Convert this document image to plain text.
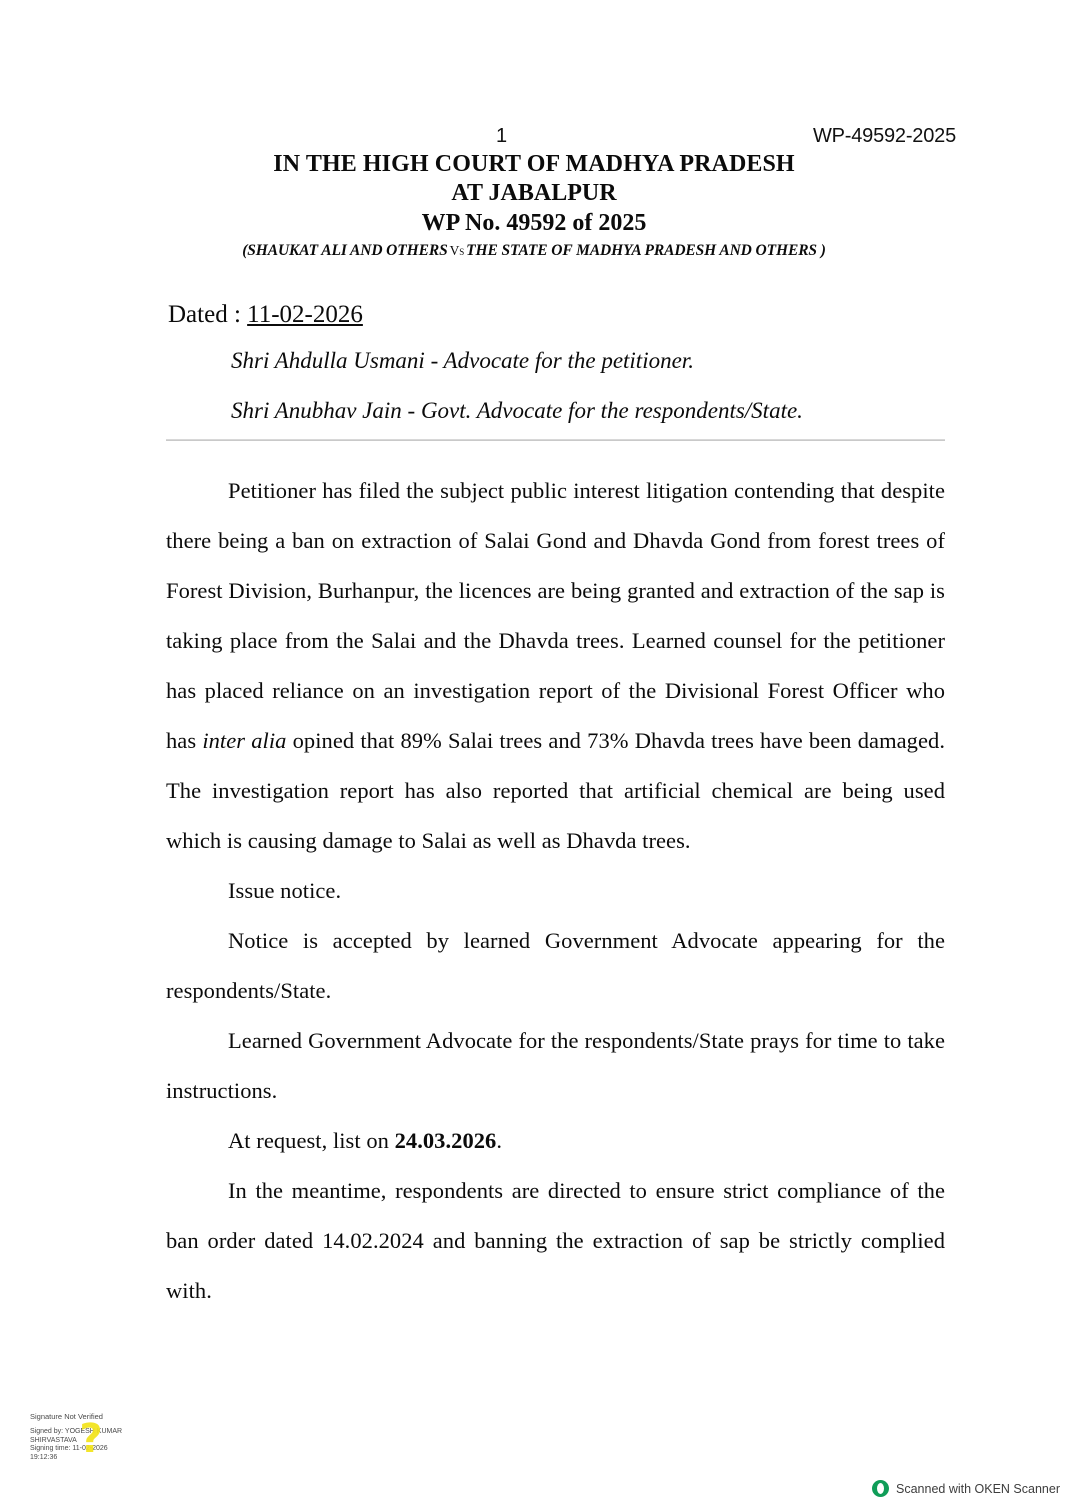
1	WP-49592-2025
IN THE HIGH COURT OF MADHYA PRADESH
AT JABALPUR
WP No. 49592 of 2025
(SHAUKAT ALI AND OTHERS Vs THE STATE OF MADHYA PRADESH AND OTHERS )
Dated : 11-02-2026
Shri Ahdulla Usmani - Advocate for the petitioner.
Shri Anubhav Jain - Govt. Advocate for the respondents/State.

Petitioner has filed the subject public interest litigation contending that despite there being a ban on extraction of Salai Gond and Dhavda Gond from forest trees of Forest Division, Burhanpur, the licences are being granted and extraction of the sap is taking place from the Salai and the Dhavda trees. Learned counsel for the petitioner has placed reliance on an investigation report of the Divisional Forest Officer who has inter alia opined that 89% Salai trees and 73% Dhavda trees have been damaged. The investigation report has also reported that artificial chemical are being used which is causing damage to Salai as well as Dhavda trees.

Issue notice.

Notice is accepted by learned Government Advocate appearing for the respondents/State.

Learned Government Advocate for the respondents/State prays for time to take instructions.

At request, list on 24.03.2026.

In the meantime, respondents are directed to ensure strict compliance of the ban order dated 14.02.2024 and banning the extraction of sap be strictly complied with.

Signature Not Verified
Signed by: YOGESH KUMAR
SHIRVASTAVA
Signing time: 11-02-2026
19:12:36 ?
Scanned with OKEN Scanner
